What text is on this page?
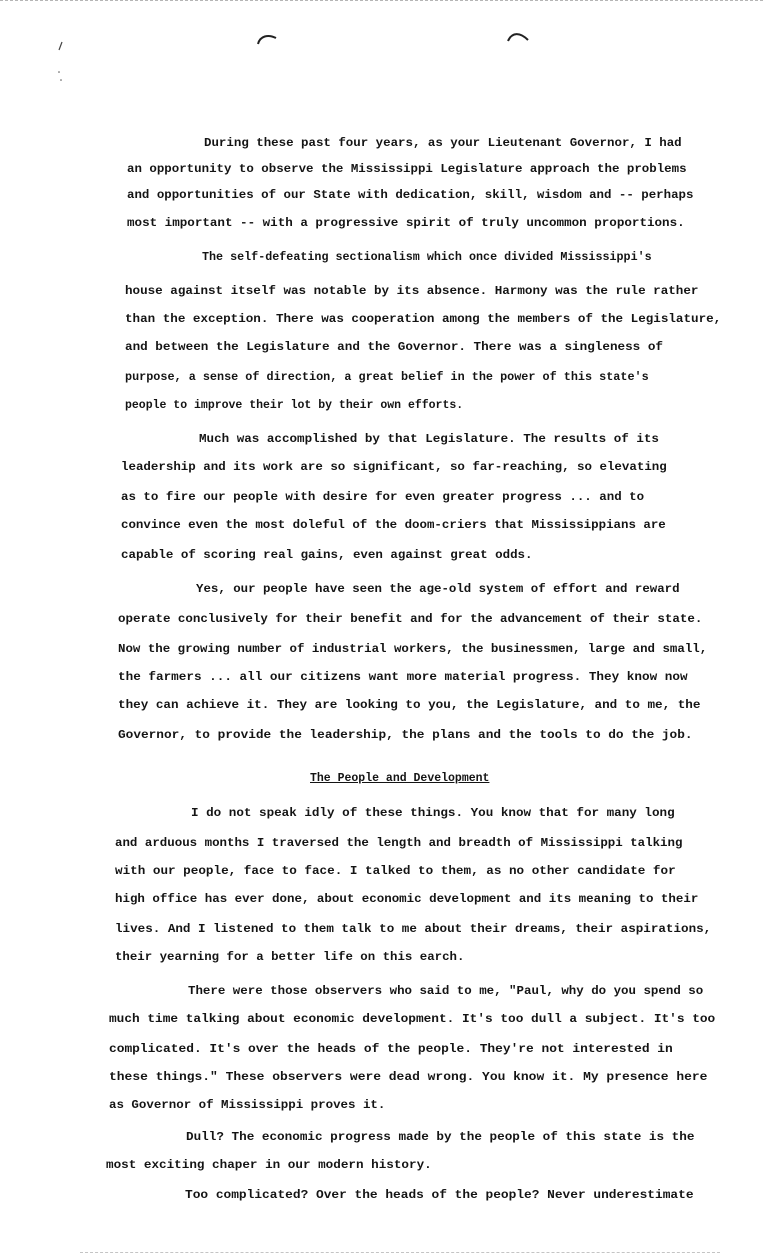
During these past four years, as your Lieutenant Governor, I had
an opportunity to observe the Mississippi Legislature approach the problems
and opportunities of our State with dedication, skill, wisdom and -- perhaps
most important -- with a progressive spirit of truly uncommon proportions.
The self-defeating sectionalism which once divided Mississippi's
house against itself was notable by its absence. Harmony was the rule rather
than the exception. There was cooperation among the members of the Legislature,
and between the Legislature and the Governor. There was a singleness of
purpose, a sense of direction, a great belief in the power of this state's
people to improve their lot by their own efforts.
Much was accomplished by that Legislature. The results of its
leadership and its work are so significant, so far-reaching, so elevating
as to fire our people with desire for even greater progress ... and to
convince even the most doleful of the doom-criers that Mississippians are
capable of scoring real gains, even against great odds.
Yes, our people have seen the age-old system of effort and reward
operate conclusively for their benefit and for the advancement of their state.
Now the growing number of industrial workers, the businessmen, large and small,
the farmers ... all our citizens want more material progress. They know now
they can achieve it. They are looking to you, the Legislature, and to me, the
Governor, to provide the leadership, the plans and the tools to do the job.
I do not speak idly of these things. You know that for many long
and arduous months I traversed the length and breadth of Mississippi talking
with our people, face to face. I talked to them, as no other candidate for
high office has ever done, about economic development and its meaning to their
lives. And I listened to them talk to me about their dreams, their aspirations,
their yearning for a better life on this earch.
There were those observers who said to me, "Paul, why do you spend so
much time talking about economic development. It's too dull a subject. It's too
complicated. It's over the heads of the people. They're not interested in
these things." These observers were dead wrong. You know it. My presence here
as Governor of Mississippi proves it.
Dull? The economic progress made by the people of this state is the
most exciting chaper in our modern history.
Too complicated? Over the heads of the people? Never underestimate
The People and Development
